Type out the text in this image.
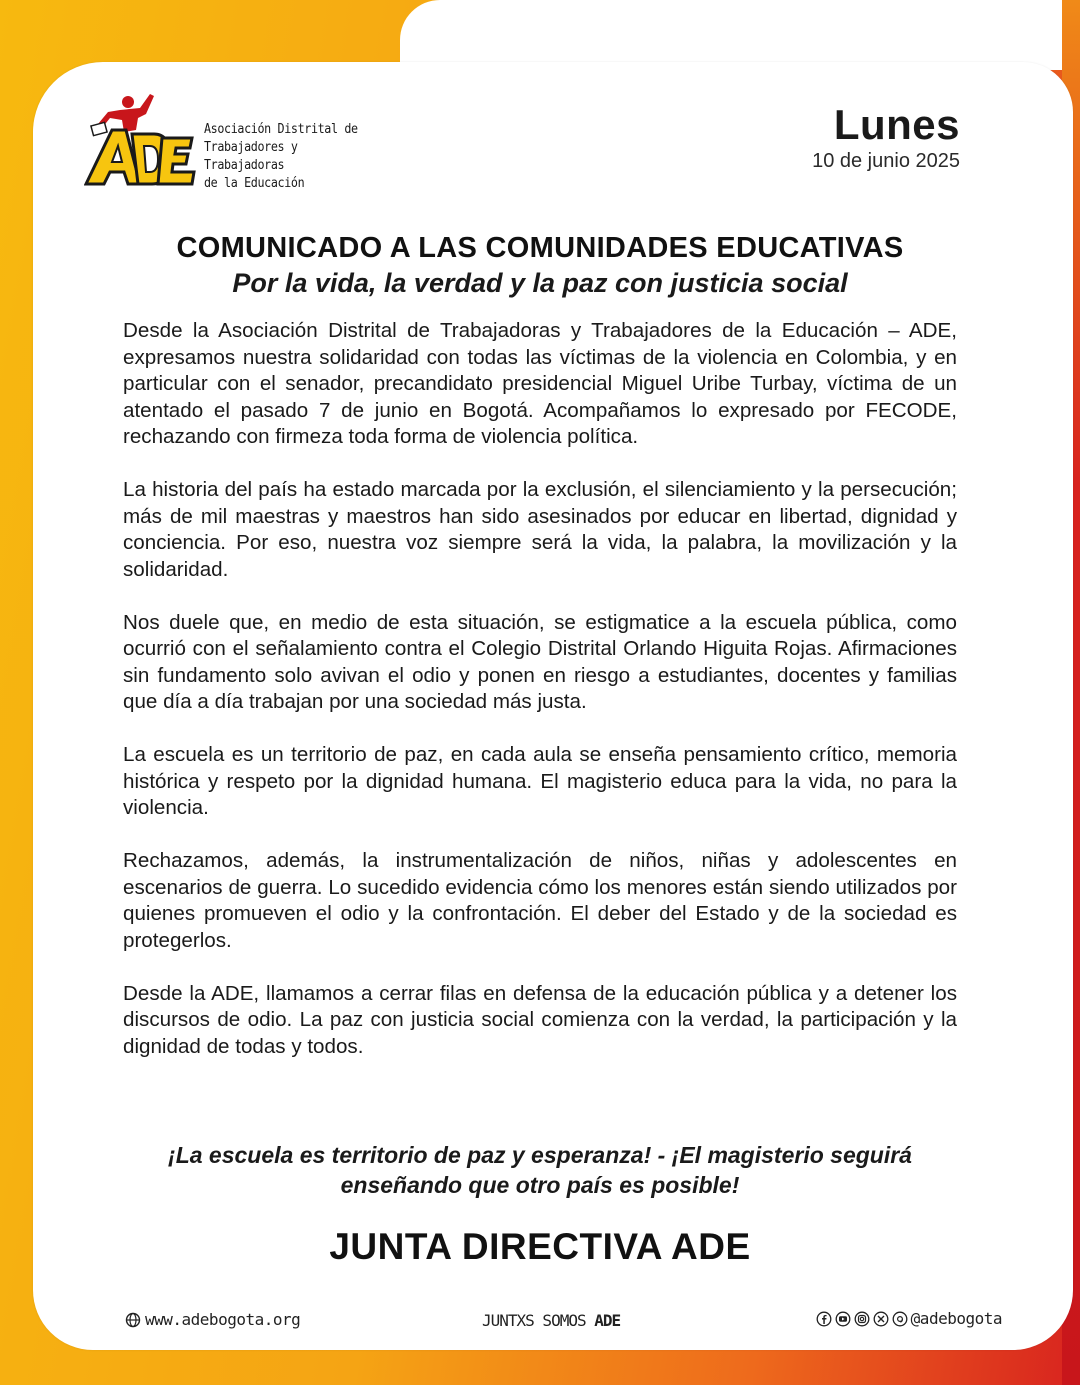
Asociación Distrital de
Trabajadores y Trabajadoras
de la Educación
Lunes
10 de junio 2025
COMUNICADO A LAS COMUNIDADES EDUCATIVAS
Por la vida, la verdad y la paz con justicia social

Desde la Asociación Distrital de Trabajadoras y Trabajadores de la Educación – ADE, expresamos nuestra solidaridad con todas las víctimas de la violencia en Colombia, y en particular con el senador, precandidato presidencial Miguel Uribe Turbay, víctima de un atentado el pasado 7 de junio en Bogotá. Acompañamos lo expresado por FECODE, rechazando con firmeza toda forma de violencia política.

La historia del país ha estado marcada por la exclusión, el silenciamiento y la persecución; más de mil maestras y maestros han sido asesinados por educar en libertad, dignidad y conciencia. Por eso, nuestra voz siempre será la vida, la palabra, la movilización y la solidaridad.

Nos duele que, en medio de esta situación, se estigmatice a la escuela pública, como ocurrió con el señalamiento contra el Colegio Distrital Orlando Higuita Rojas. Afirmaciones sin fundamento solo avivan el odio y ponen en riesgo a estudiantes, docentes y familias que día a día trabajan por una sociedad más justa.

La escuela es un territorio de paz, en cada aula se enseña pensamiento crítico, memoria histórica y respeto por la dignidad humana. El magisterio educa para la vida, no para la violencia.

Rechazamos, además, la instrumentalización de niños, niñas y adolescentes en escenarios de guerra. Lo sucedido evidencia cómo los menores están siendo utilizados por quienes promueven el odio y la confrontación. El deber del Estado y de la sociedad es protegerlos.

Desde la ADE, llamamos a cerrar filas en defensa de la educación pública y a detener los discursos de odio. La paz con justicia social comienza con la verdad, la participación y la dignidad de todas y todos.

¡La escuela es territorio de paz y esperanza! - ¡El magisterio seguirá
enseñando que otro país es posible!
JUNTA DIRECTIVA ADE
www.adebogota.org	JUNTXS SOMOS ADE	@adebogota
